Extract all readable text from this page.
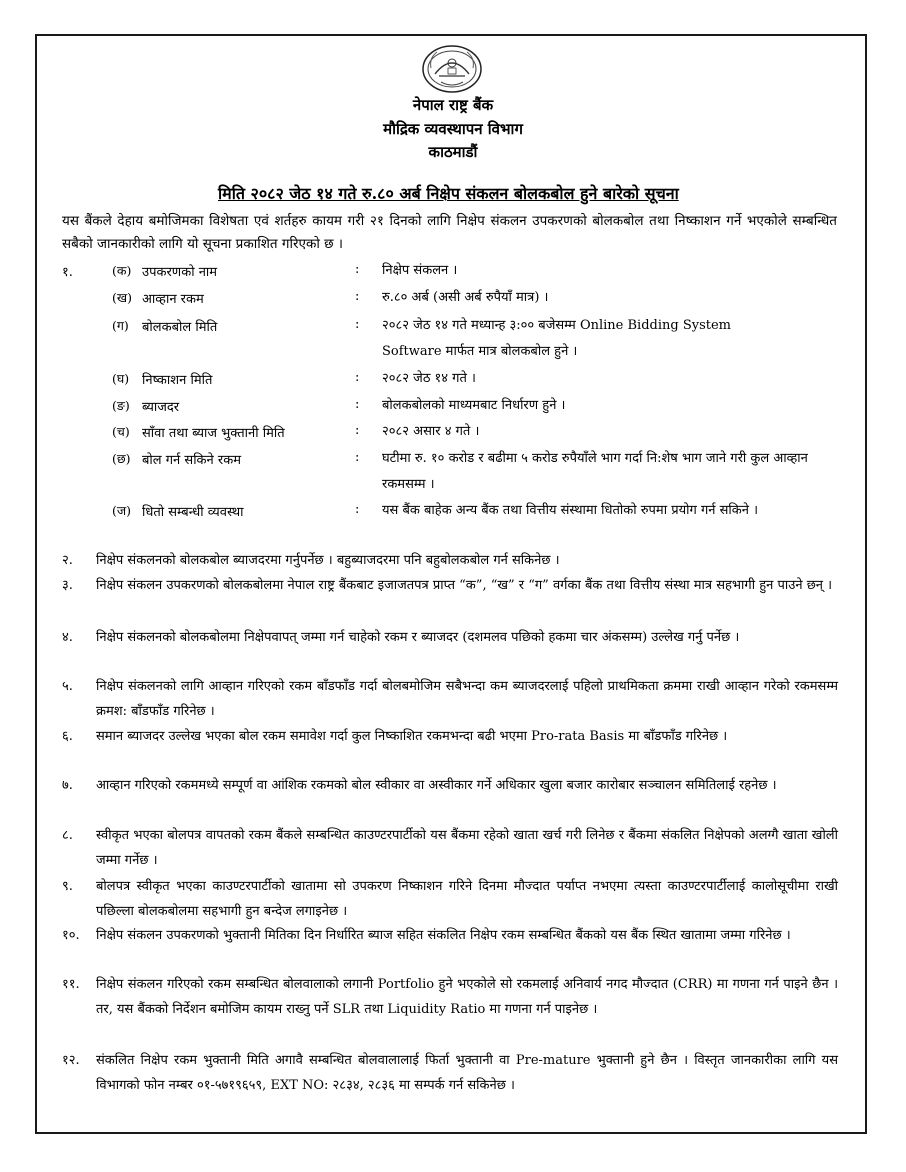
नेपाल राष्ट्र बैंक
मौद्रिक व्यवस्थापन विभाग
काठमाडौं
मिति २०८२ जेठ १४ गते रु.८० अर्ब निक्षेप संकलन बोलकबोल हुने बारेको सूचना
यस बैंकले देहाय बमोजिमका विशेषता एवं शर्तहरु कायम गरी २१ दिनको लागि निक्षेप संकलन उपकरणको बोलकबोल तथा निष्काशन गर्ने भएकोले सम्बन्धित सबैको जानकारीको लागि यो सूचना प्रकाशित गरिएको छ ।
१.	(क) उपकरणको नाम	: निक्षेप संकलन ।
(ख) आव्हान रकम	: रु.८० अर्ब (असी अर्ब रुपैयाँ मात्र) ।
(ग)	बोलकबोल मिति	: २०८२ जेठ १४ गते मध्यान्ह ३:०० बजेसम्म Online Bidding System Software मार्फत मात्र बोलकबोल हुने ।
(घ) निष्काशन मिति	: २०८२ जेठ १४ गते ।
(ङ) ब्याजदर	: बोलकबोलको माध्यमबाट निर्धारण हुने ।
(च) साँवा तथा ब्याज भुक्तानी मिति	: २०८२ असार ४ गते ।
(छ) बोल गर्न सकिने रकम	: घटीमा रु. १० करोड र बढीमा ५ करोड रुपैयाँले भाग गर्दा नि:शेष भाग जाने गरी कुल आव्हान रकमसम्म ।
(ज) धितो सम्बन्धी व्यवस्था	: यस बैंक बाहेक अन्य बैंक तथा वित्तीय संस्थामा धितोको रुपमा प्रयोग गर्न सकिने ।
२.	निक्षेप संकलनको बोलकबोल ब्याजदरमा गर्नुपर्नेछ । बहुब्याजदरमा पनि बहुबोलकबोल गर्न सकिनेछ ।
३.	निक्षेप संकलन उपकरणको बोलकबोलमा नेपाल राष्ट्र बैंकबाट इजाजतपत्र प्राप्त “क”, “ख” र “ग” वर्गका बैंक तथा वित्तीय संस्था मात्र सहभागी हुन पाउने छन् ।
४.	निक्षेप संकलनको बोलकबोलमा निक्षेपवापत् जम्मा गर्न चाहेको रकम र ब्याजदर (दशमलव पछिको हकमा चार अंकसम्म) उल्लेख गर्नु पर्नेछ ।
५.	निक्षेप संकलनको लागि आव्हान गरिएको रकम बाँडफाँड गर्दा बोलबमोजिम सबैभन्दा कम ब्याजदरलाई पहिलो प्राथमिकता क्रममा राखी आव्हान गरेको रकमसम्म क्रमश: बाँडफाँड गरिनेछ ।
६.	समान ब्याजदर उल्लेख भएका बोल रकम समावेश गर्दा कुल निष्काशित रकमभन्दा बढी भएमा Pro-rata Basis मा बाँडफाँड गरिनेछ ।
७.	आव्हान गरिएको रकममध्ये सम्पूर्ण वा आंशिक रकमको बोल स्वीकार वा अस्वीकार गर्ने अधिकार खुला बजार कारोबार सञ्चालन समितिलाई रहनेछ ।
८.	स्वीकृत भएका बोलपत्र वापतको रकम बैंकले सम्बन्धित काउण्टरपार्टीको यस बैंकमा रहेको खाता खर्च गरी लिनेछ र बैंकमा संकलित निक्षेपको अलग्गै खाता खोली जम्मा गर्नेछ ।
९.	बोलपत्र स्वीकृत भएका काउण्टरपार्टीको खातामा सो उपकरण निष्काशन गरिने दिनमा मौज्दात पर्याप्त नभएमा त्यस्ता काउण्टरपार्टीलाई कालोसूचीमा राखी पछिल्ला बोलकबोलमा सहभागी हुन बन्देज लगाइनेछ ।
१०.	निक्षेप संकलन उपकरणको भुक्तानी मितिका दिन निर्धारित ब्याज सहित संकलित निक्षेप रकम सम्बन्धित बैंकको यस बैंक स्थित खातामा जम्मा गरिनेछ ।
११.	निक्षेप संकलन गरिएको रकम सम्बन्धित बोलवालाको लगानी Portfolio हुने भएकोले सो रकमलाई अनिवार्य नगद मौज्दात (CRR) मा गणना गर्न पाइने छैन । तर, यस बैंकको निर्देशन बमोजिम कायम राख्नु पर्ने SLR तथा Liquidity Ratio मा गणना गर्न पाइनेछ ।
१२.	संकलित निक्षेप रकम भुक्तानी मिति अगावै सम्बन्धित बोलवालालाई फिर्ता भुक्तानी वा Pre-mature भुक्तानी हुने छैन । विस्तृत जानकारीका लागि यस विभागको फोन नम्बर ०१-५७१९६५९, EXT NO: २८३४, २८३६ मा सम्पर्क गर्न सकिनेछ ।
